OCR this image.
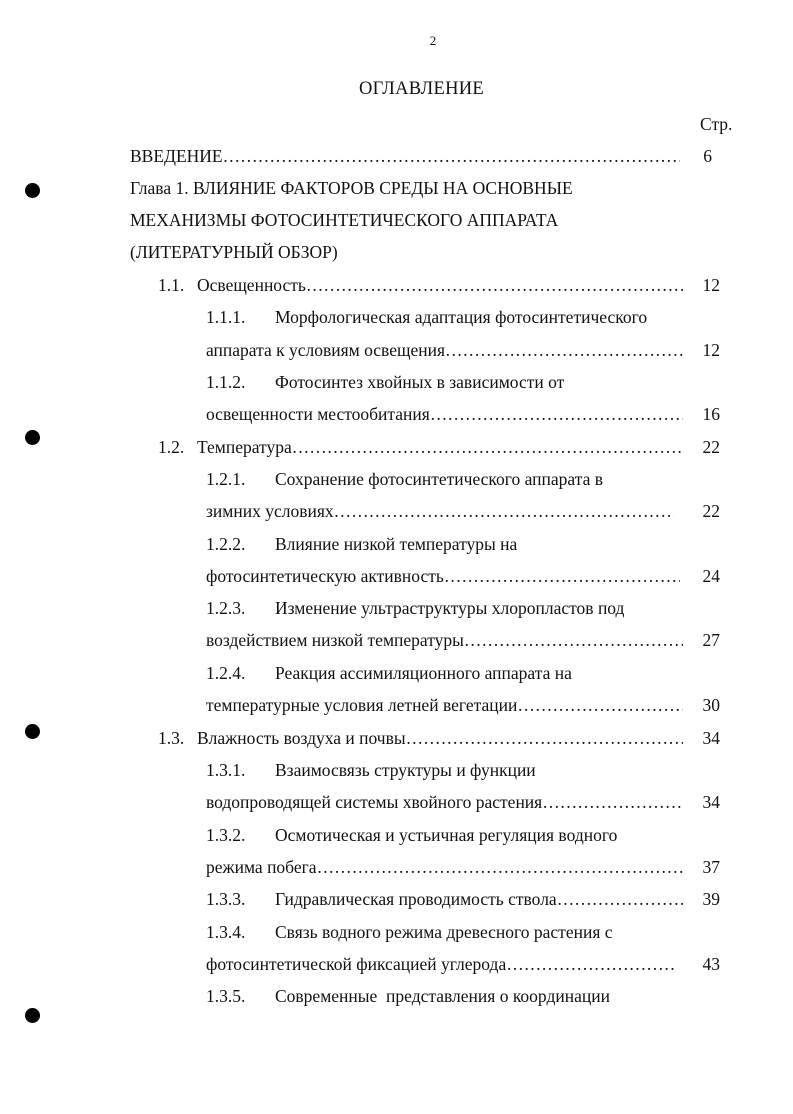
2
ОГЛАВЛЕНИЕ
Стр.
ВВЕДЕНИЕ ……………………………………………………………………………………………………………………………………	6
Глава 1. ВЛИЯНИЕ ФАКТОРОВ СРЕДЫ НА ОСНОВНЫЕ
МЕХАНИЗМЫ ФОТОСИНТЕТИЧЕСКОГО АППАРАТА
(ЛИТЕРАТУРНЫЙ ОБЗОР)
1.1. Освещенность ……………………………………………………………………………………………………………………………………	12
1.1.1. Морфологическая адаптация фотосинтетического
аппарата к условиям освещения ……………………………………………………………………………………………………………………………………	12
1.1.2. Фотосинтез хвойных в зависимости от
освещенности местообитания ……………………………………………………………………………………………………………………………………	16
1.2. Температура ……………………………………………………………………………………………………………………………………	22
1.2.1. Сохранение фотосинтетического аппарата в
зимних условиях ……………………………………………………………………………………………………………………………………	22
1.2.2. Влияние низкой температуры на
фотосинтетическую активность ……………………………………………………………………………………………………………………………………	24
1.2.3. Изменение ультраструктуры хлоропластов под
воздействием низкой температуры ……………………………………………………………………………………………………………………………………	27
1.2.4. Реакция ассимиляционного аппарата на
температурные условия летней вегетации ……………………………………………………………………………………………………………………………………	30
1.3. Влажность воздуха и почвы ……………………………………………………………………………………………………………………………………	34
1.3.1. Взаимосвязь структуры и функции
водопроводящей системы хвойного растения ……………………………………………………………………………………………………………………………………	34
1.3.2. Осмотическая и устьичная регуляция водного
режима побега ……………………………………………………………………………………………………………………………………	37
1.3.3. Гидравлическая проводимость ствола ……………………………………………………………………………………………………………………………………	39
1.3.4. Связь водного режима древесного растения с
фотосинтетической фиксацией углерода ……………………………………………………………………………………………………………………………………	43
1.3.5. Современные  представления о координации
